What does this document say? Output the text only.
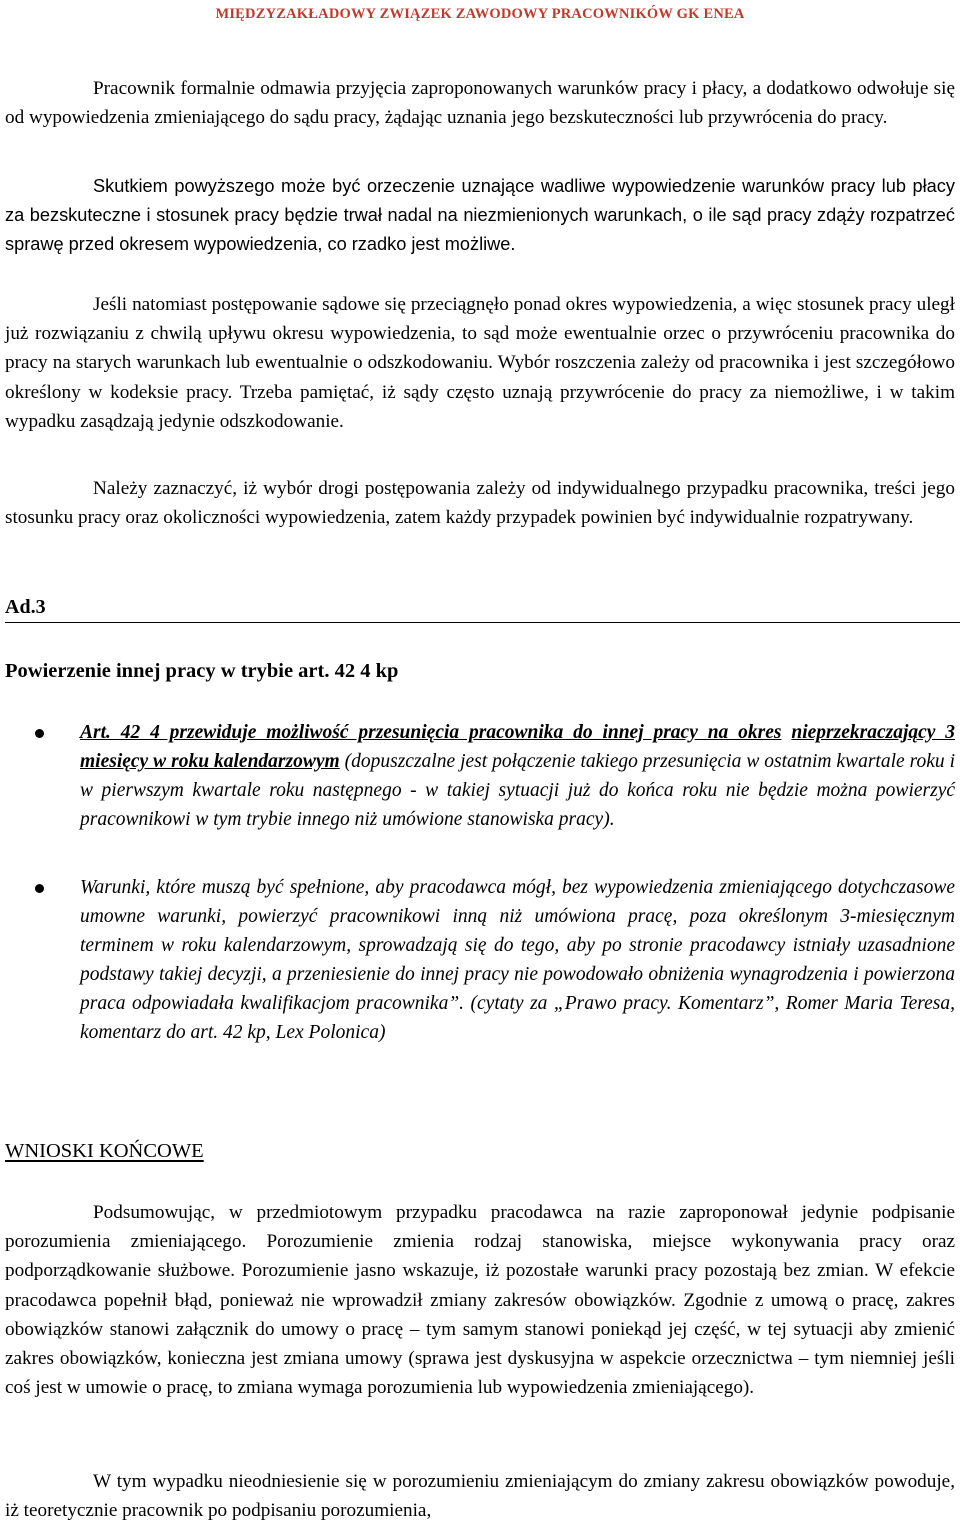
MIĘDZYZAKŁADOWY ZWIĄZEK ZAWODOWY PRACOWNIKÓW GK ENEA

Pracownik formalnie odmawia przyjęcia zaproponowanych warunków pracy i płacy, a dodatkowo odwołuje się od wypowiedzenia zmieniającego do sądu pracy, żądając uznania jego bezskuteczności lub przywrócenia do pracy.

Skutkiem powyższego może być orzeczenie uznające wadliwe wypowiedzenie warunków pracy lub płacy za bezskuteczne i stosunek pracy będzie trwał nadal na niezmienionych warunkach, o ile sąd pracy zdąży rozpatrzeć sprawę przed okresem wypowiedzenia, co rzadko jest możliwe.

Jeśli natomiast postępowanie sądowe się przeciągnęło ponad okres wypowiedzenia, a więc stosunek pracy uległ już rozwiązaniu z chwilą upływu okresu wypowiedzenia, to sąd może ewentualnie orzec o przywróceniu pracownika do pracy na starych warunkach lub ewentualnie o odszkodowaniu. Wybór roszczenia zależy od pracownika i jest szczegółowo określony w kodeksie pracy. Trzeba pamiętać, iż sądy często uznają przywrócenie do pracy za niemożliwe, i w takim wypadku zasądzają jedynie odszkodowanie.

Należy zaznaczyć, iż wybór drogi postępowania zależy od indywidualnego przypadku pracownika, treści jego stosunku pracy oraz okoliczności wypowiedzenia, zatem każdy przypadek powinien być indywidualnie rozpatrywany.

Ad.3
Powierzenie innej pracy w trybie art. 42 4 kp

Art. 42 4 przewiduje możliwość przesunięcia pracownika do innej pracy na okres nieprzekraczający 3 miesięcy w roku kalendarzowym (dopuszczalne jest połączenie takiego przesunięcia w ostatnim kwartale roku i w pierwszym kwartale roku następnego - w takiej sytuacji już do końca roku nie będzie można powierzyć pracownikowi w tym trybie innego niż umówione stanowiska pracy).

Warunki, które muszą być spełnione, aby pracodawca mógł, bez wypowiedzenia zmieniającego dotychczasowe umowne warunki, powierzyć pracownikowi inną niż umówiona pracę, poza określonym 3-miesięcznym terminem w roku kalendarzowym, sprowadzają się do tego, aby po stronie pracodawcy istniały uzasadnione podstawy takiej decyzji, a przeniesienie do innej pracy nie powodowało obniżenia wynagrodzenia i powierzona praca odpowiadała kwalifikacjom pracownika”. (cytaty za „Prawo pracy. Komentarz”, Romer Maria Teresa, komentarz do art. 42 kp, Lex Polonica)

WNIOSKI KOŃCOWE

Podsumowując, w przedmiotowym przypadku pracodawca na razie zaproponował jedynie podpisanie porozumienia zmieniającego. Porozumienie zmienia rodzaj stanowiska, miejsce wykonywania pracy oraz podporządkowanie służbowe. Porozumienie jasno wskazuje, iż pozostałe warunki pracy pozostają bez zmian. W efekcie pracodawca popełnił błąd, ponieważ nie wprowadził zmiany zakresów obowiązków. Zgodnie z umową o pracę, zakres obowiązków stanowi załącznik do umowy o pracę – tym samym stanowi poniekąd jej część, w tej sytuacji aby zmienić zakres obowiązków, konieczna jest zmiana umowy (sprawa jest dyskusyjna w aspekcie orzecznictwa – tym niemniej jeśli coś jest w umowie o pracę, to zmiana wymaga porozumienia lub wypowiedzenia zmieniającego).

W tym wypadku nieodniesienie się w porozumieniu zmieniającym do zmiany zakresu obowiązków powoduje, iż teoretycznie pracownik po podpisaniu porozumienia,
